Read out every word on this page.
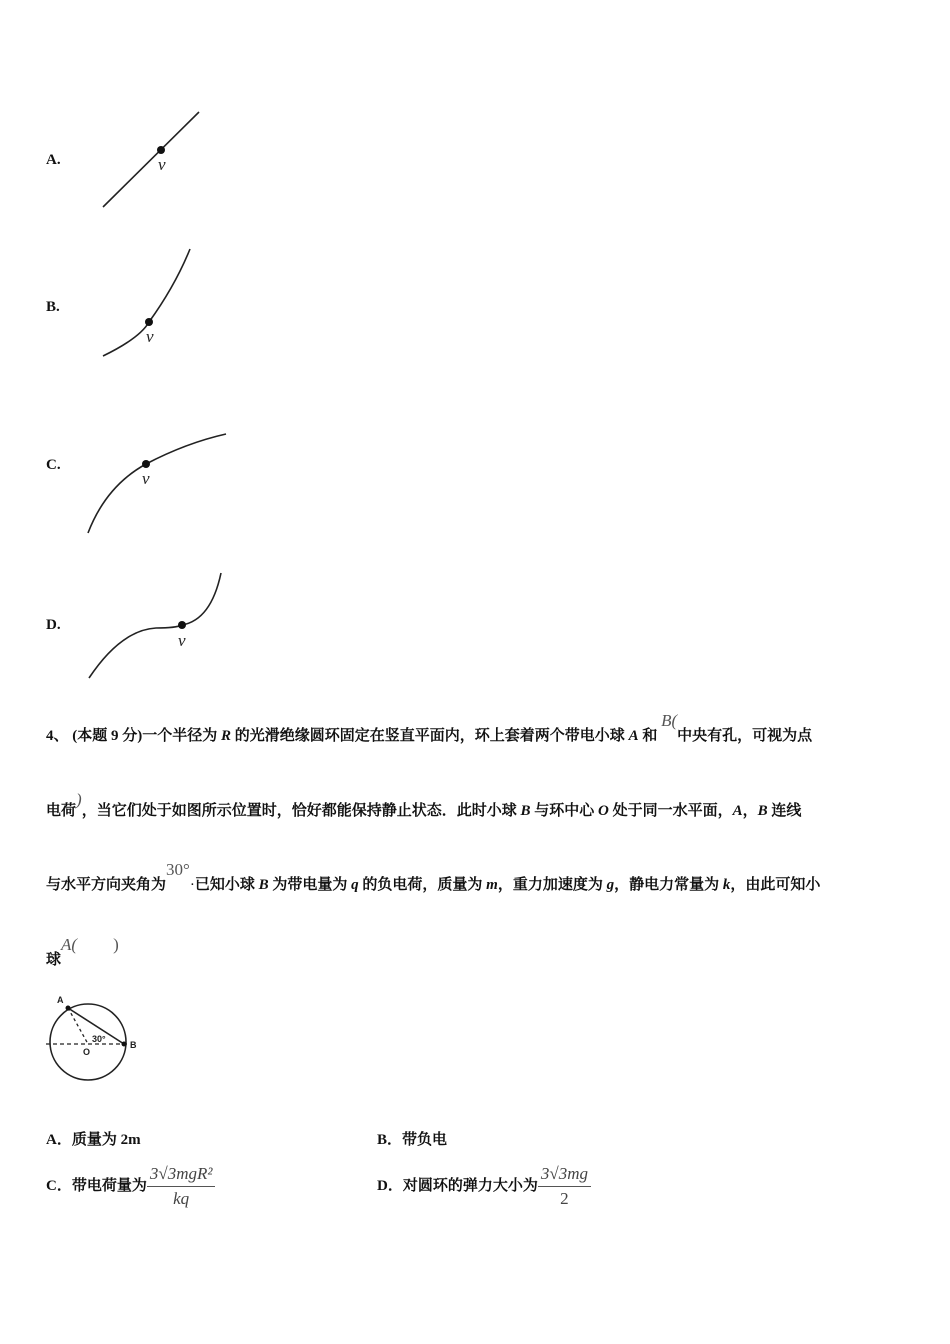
A.	v
B.
v
C.
v
D.
v
4、 (本题 9 分)一个半径为 R 的光滑绝缘圆环固定在竖直平面内，环上套着两个带电小球 A 和 B(中央有孔，可视为点
电荷)，当它们处于如图所示位置时，恰好都能保持静止状态．此时小球 B 与环中心 O 处于同一水平面，A，B 连线
与水平方向夹角为30°·已知小球 B 为带电量为 q 的负电荷，质量为 m，重力加速度为 g，静电力常量为 k，由此可知小
球A( )
A
B
O
30°
A．质量为 2m	B．带负电
C．带电荷量为 $\frac{\text{3√3mgR²}}{kq}$	D．对圆环的弹力大小为 $\frac{3√3mg}{2}$
